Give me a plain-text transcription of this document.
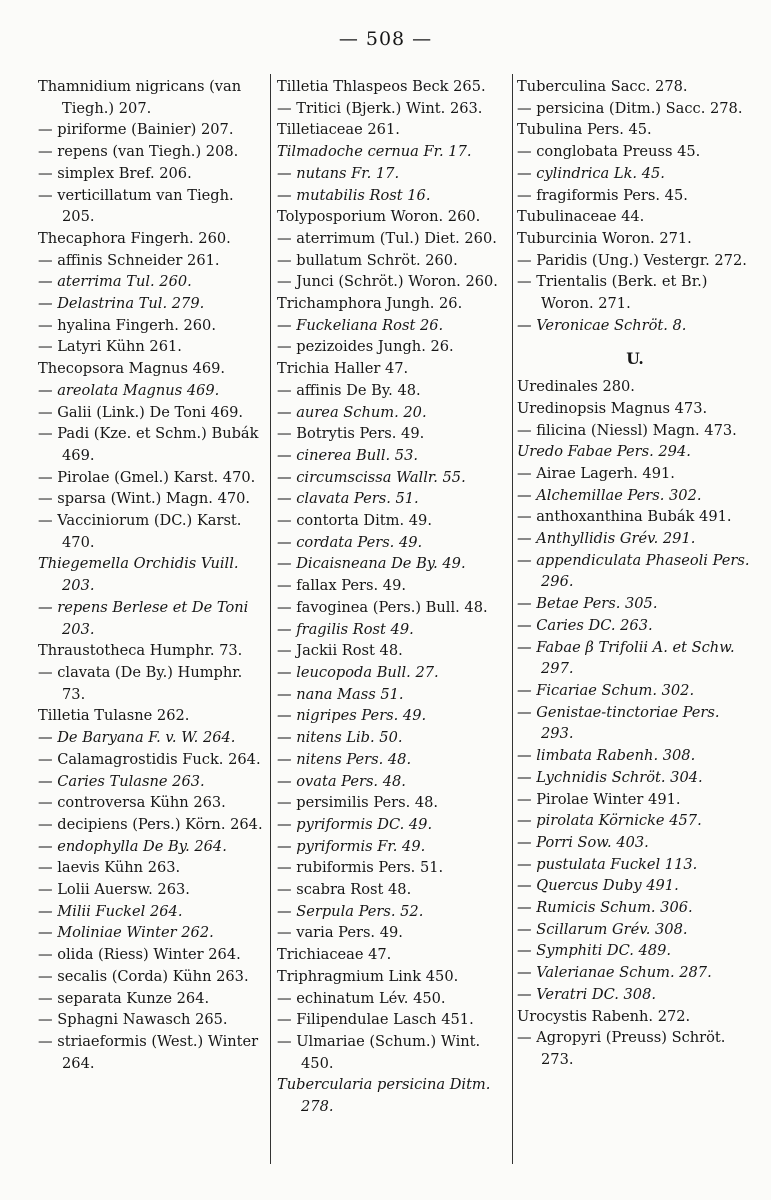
— 508 —

Thamnidium nigricans (van Tiegh.) 207.

— piriforme (Bainier) 207.

— repens (van Tiegh.) 208.

— simplex Bref. 206.

— verticillatum van Tiegh. 205.

Thecaphora Fingerh. 260.

— affinis Schneider 261.

— aterrima Tul. 260.

— Delastrina Tul. 279.

— hyalina Fingerh. 260.

— Latyri Kühn 261.

Thecopsora Magnus 469.

— areolata Magnus 469.

— Galii (Link.) De Toni 469.

— Padi (Kze. et Schm.) Bubák 469.

— Pirolae (Gmel.) Karst. 470.

— sparsa (Wint.) Magn. 470.

— Vacciniorum (DC.) Karst. 470.

Thiegemella Orchidis Vuill. 203.

— repens Berlese et De Toni 203.

Thraustotheca Humphr. 73.

— clavata (De By.) Humphr. 73.

Tilletia Tulasne 262.

— De Baryana F. v. W. 264.

— Calamagrostidis Fuck. 264.

— Caries Tulasne 263.

— controversa Kühn 263.

— decipiens (Pers.) Körn. 264.

— endophylla De By. 264.

— laevis Kühn 263.

— Lolii Auersw. 263.

— Milii Fuckel 264.

— Moliniae Winter 262.

— olida (Riess) Winter 264.

— secalis (Corda) Kühn 263.

— separata Kunze 264.

— Sphagni Nawasch 265.

— striaeformis (West.) Winter 264.

Tilletia Thlaspeos Beck 265.

— Tritici (Bjerk.) Wint. 263.

Tilletiaceae 261.

Tilmadoche cernua Fr. 17.

— nutans Fr. 17.

— mutabilis Rost 16.

Tolyposporium Woron. 260.

— aterrimum (Tul.) Diet. 260.

— bullatum Schröt. 260.

— Junci (Schröt.) Woron. 260.

Trichamphora Jungh. 26.

— Fuckeliana Rost 26.

— pezizoides Jungh. 26.

Trichia Haller 47.

— affinis De By. 48.

— aurea Schum. 20.

— Botrytis Pers. 49.

— cinerea Bull. 53.

— circumscissa Wallr. 55.

— clavata Pers. 51.

— contorta Ditm. 49.

— cordata Pers. 49.

— Dicaisneana De By. 49.

— fallax Pers. 49.

— favoginea (Pers.) Bull. 48.

— fragilis Rost 49.

— Jackii Rost 48.

— leucopoda Bull. 27.

— nana Mass 51.

— nigripes Pers. 49.

— nitens Lib. 50.

— nitens Pers. 48.

— ovata Pers. 48.

— persimilis Pers. 48.

— pyriformis DC. 49.

— pyriformis Fr. 49.

— rubiformis Pers. 51.

— scabra Rost 48.

— Serpula Pers. 52.

— varia Pers. 49.

Trichiaceae 47.

Triphragmium Link 450.

— echinatum Lév. 450.

— Filipendulae Lasch 451.

— Ulmariae (Schum.) Wint. 450.

Tubercularia persicina Ditm. 278.

Tuberculina Sacc. 278.

— persicina (Ditm.) Sacc. 278.

Tubulina Pers. 45.

— conglobata Preuss 45.

— cylindrica Lk. 45.

— fragiformis Pers. 45.

Tubulinaceae 44.

Tuburcinia Woron. 271.

— Paridis (Ung.) Vestergr. 272.

— Trientalis (Berk. et Br.) Woron. 271.

— Veronicae Schröt. 8.

U.

Uredinales 280.

Uredinopsis Magnus 473.

— filicina (Niessl) Magn. 473.

Uredo Fabae Pers. 294.

— Airae Lagerh. 491.

— Alchemillae Pers. 302.

— anthoxanthina Bubák 491.

— Anthyllidis Grév. 291.

— appendiculata Phaseoli Pers. 296.

— Betae Pers. 305.

— Caries DC. 263.

— Fabae β Trifolii A. et Schw. 297.

— Ficariae Schum. 302.

— Genistae-tinctoriae Pers. 293.

— limbata Rabenh. 308.

— Lychnidis Schröt. 304.

— Pirolae Winter 491.

— pirolata Körnicke 457.

— Porri Sow. 403.

— pustulata Fuckel 113.

— Quercus Duby 491.

— Rumicis Schum. 306.

— Scillarum Grév. 308.

— Symphiti DC. 489.

— Valerianae Schum. 287.

— Veratri DC. 308.

Urocystis Rabenh. 272.

— Agropyri (Preuss) Schröt. 273.
